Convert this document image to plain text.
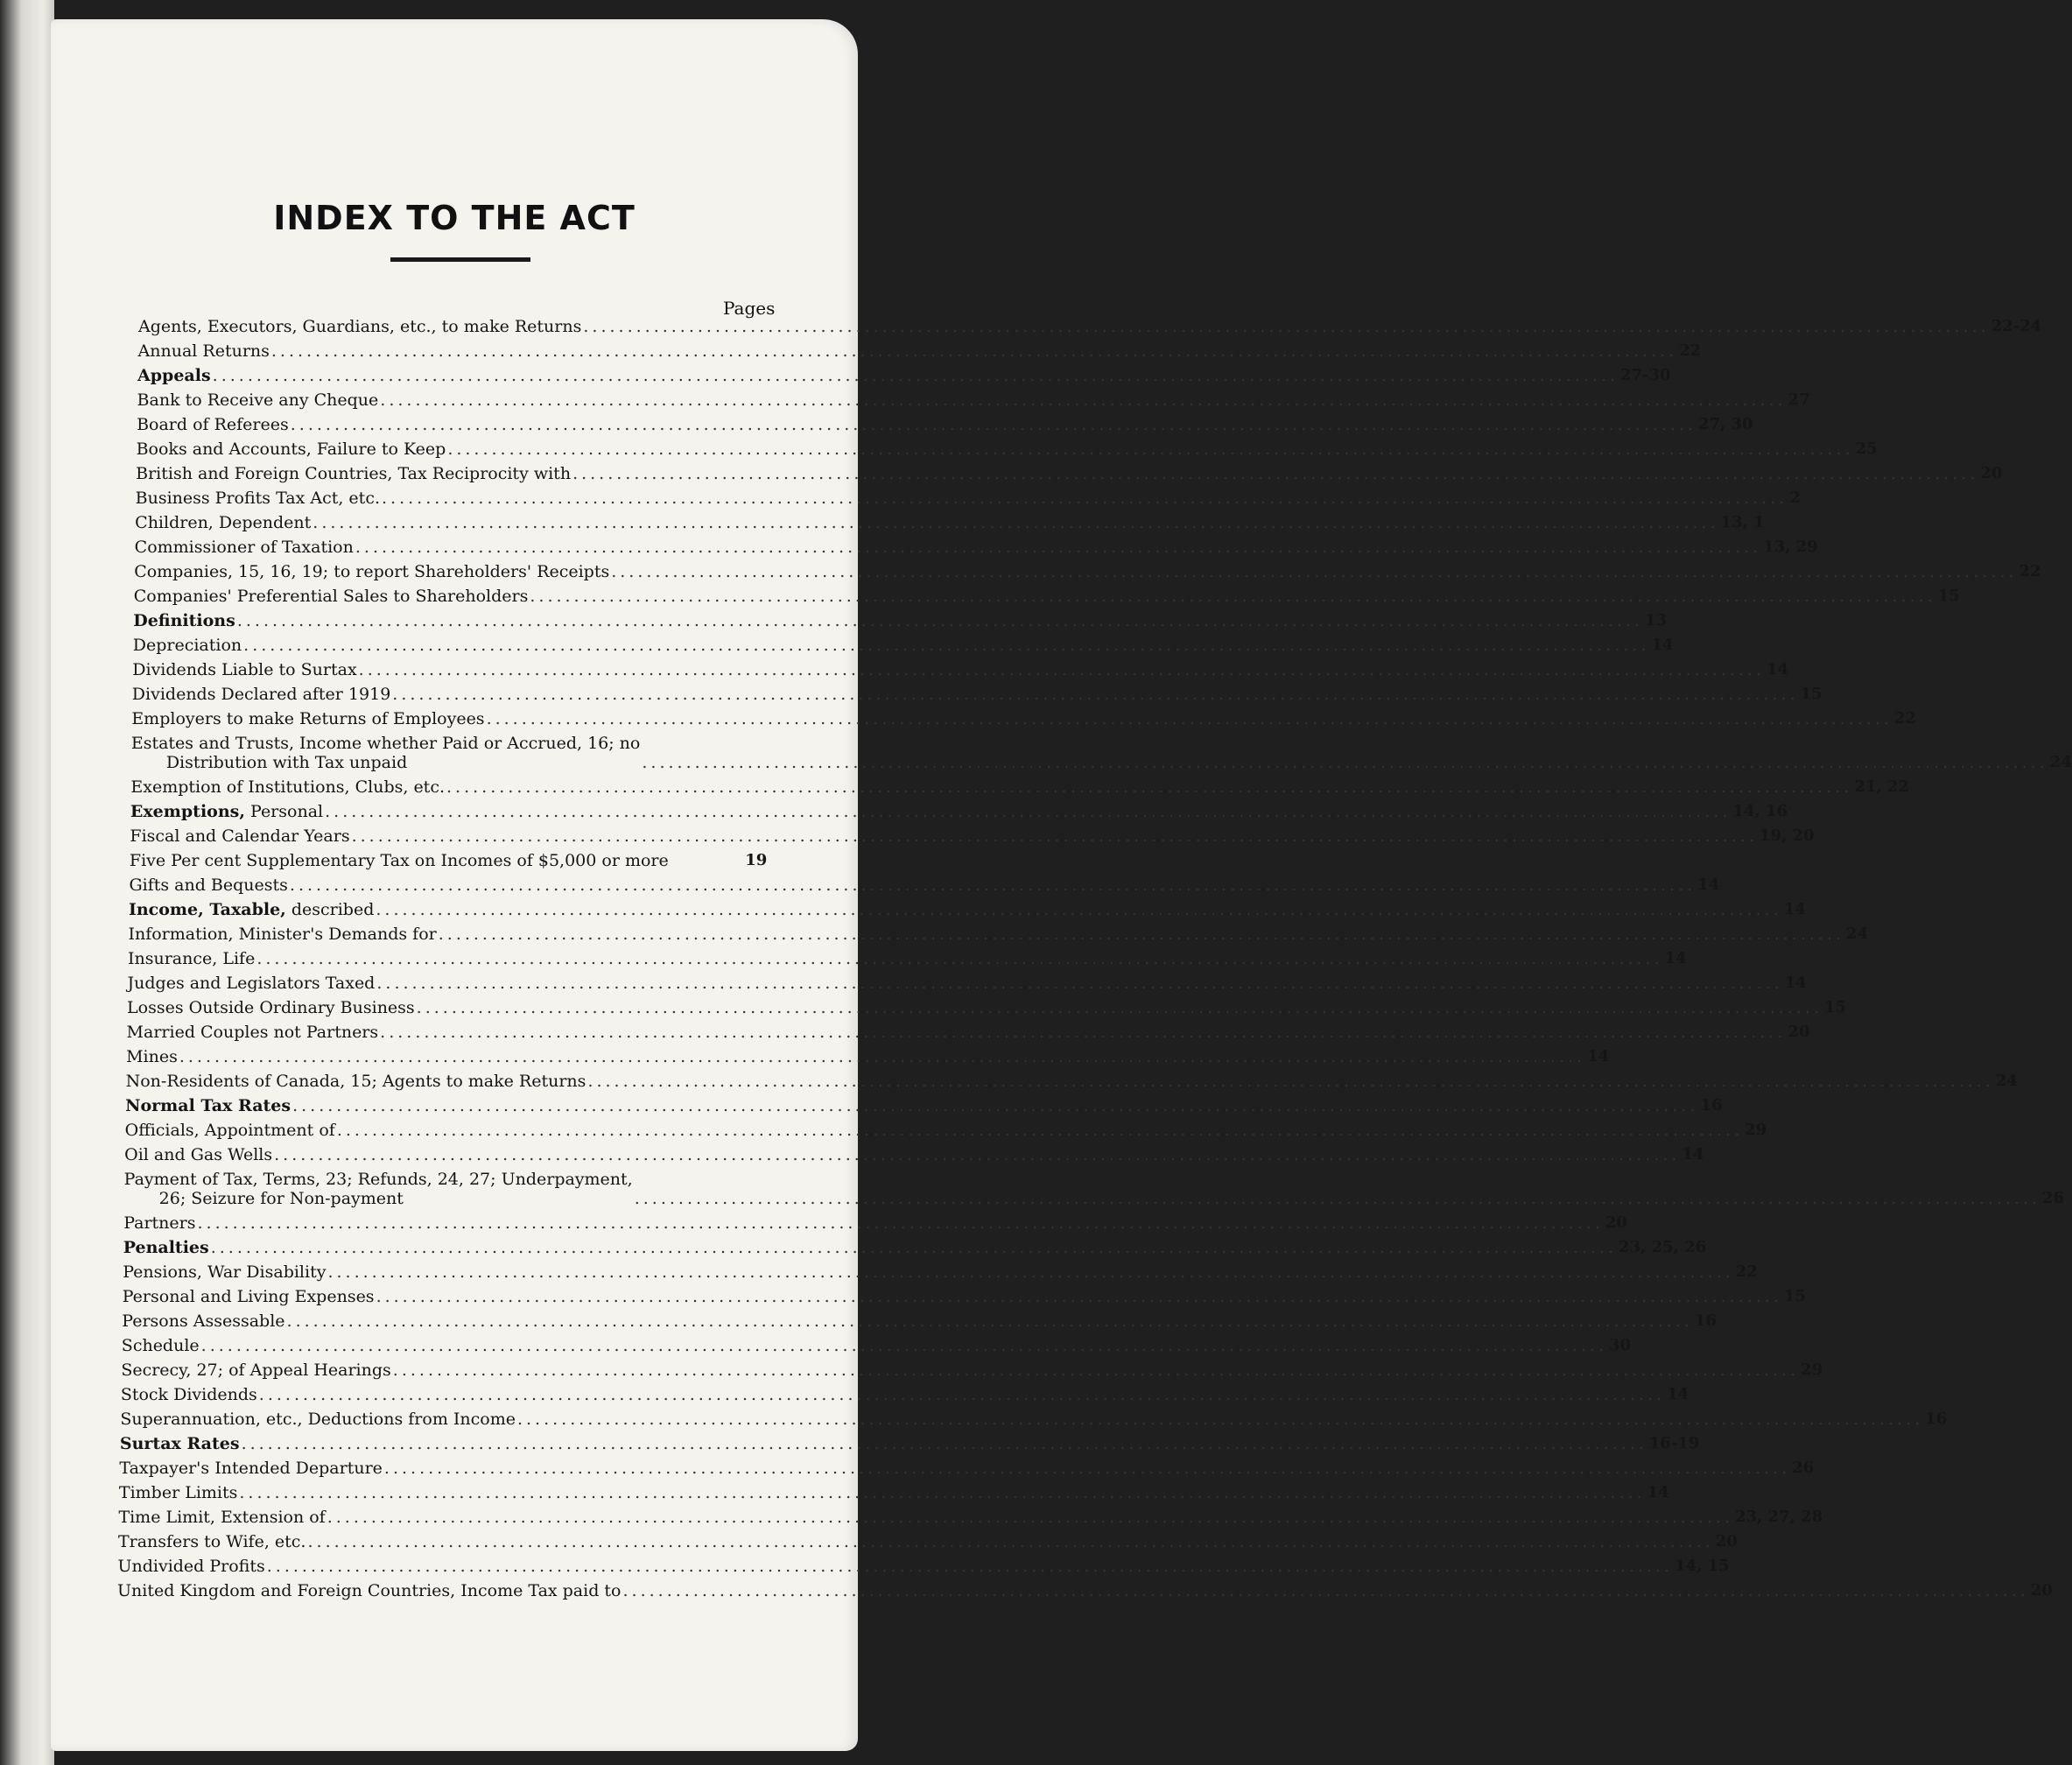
INDEX TO THE ACT
Pages
Agents, Executors, Guardians, etc., to make Returns ................................................................................................................................................................ 22-24
Annual Returns ................................................................................................................................................................ 22
Appeals ................................................................................................................................................................ 27-30
Bank to Receive any Cheque ................................................................................................................................................................ 27
Board of Referees ................................................................................................................................................................ 27, 30
Books and Accounts, Failure to Keep ................................................................................................................................................................ 25
British and Foreign Countries, Tax Reciprocity with ................................................................................................................................................................ 20
Business Profits Tax Act, etc. ................................................................................................................................................................ 2
Children, Dependent ................................................................................................................................................................ 13, 1
Commissioner of Taxation ................................................................................................................................................................ 13, 29
Companies, 15, 16, 19; to report Shareholders' Receipts ................................................................................................................................................................ 22
Companies' Preferential Sales to Shareholders ................................................................................................................................................................ 15
Definitions ................................................................................................................................................................ 13
Depreciation ................................................................................................................................................................ 14
Dividends Liable to Surtax ................................................................................................................................................................ 14
Dividends Declared after 1919 ................................................................................................................................................................ 15
Employers to make Returns of Employees ................................................................................................................................................................ 22
Estates and Trusts, Income whether Paid or Accrued, 16; no
Distribution with Tax unpaid	................................................................................................................................................................ 24
Exemption of Institutions, Clubs, etc. ................................................................................................................................................................ 21, 22
Exemptions, Personal ................................................................................................................................................................ 14, 16
Fiscal and Calendar Years ................................................................................................................................................................ 19, 20
Five Per cent Supplementary Tax on Incomes of $5,000 or more	19
Gifts and Bequests ................................................................................................................................................................ 14
Income, Taxable, described ................................................................................................................................................................ 14
Information, Minister's Demands for ................................................................................................................................................................ 24
Insurance, Life ................................................................................................................................................................ 14
Judges and Legislators Taxed ................................................................................................................................................................ 14
Losses Outside Ordinary Business ................................................................................................................................................................ 15
Married Couples not Partners ................................................................................................................................................................ 20
Mines ................................................................................................................................................................ 14
Non-Residents of Canada, 15; Agents to make Returns ................................................................................................................................................................ 24
Normal Tax Rates ................................................................................................................................................................ 16
Officials, Appointment of ................................................................................................................................................................ 29
Oil and Gas Wells ................................................................................................................................................................ 14
Payment of Tax, Terms, 23; Refunds, 24, 27; Underpayment,
26; Seizure for Non-payment	................................................................................................................................................................ 26
Partners ................................................................................................................................................................ 20
Penalties ................................................................................................................................................................ 23, 25, 26
Pensions, War Disability ................................................................................................................................................................ 22
Personal and Living Expenses ................................................................................................................................................................ 15
Persons Assessable ................................................................................................................................................................ 16
Schedule ................................................................................................................................................................ 30
Secrecy, 27; of Appeal Hearings ................................................................................................................................................................ 29
Stock Dividends ................................................................................................................................................................ 14
Superannuation, etc., Deductions from Income ................................................................................................................................................................ 16
Surtax Rates ................................................................................................................................................................ 16-19
Taxpayer's Intended Departure ................................................................................................................................................................ 26
Timber Limits ................................................................................................................................................................ 14
Time Limit, Extension of ................................................................................................................................................................ 23, 27, 28
Transfers to Wife, etc. ................................................................................................................................................................ 20
Undivided Profits ................................................................................................................................................................ 14, 15
United Kingdom and Foreign Countries, Income Tax paid to ................................................................................................................................................................ 20
